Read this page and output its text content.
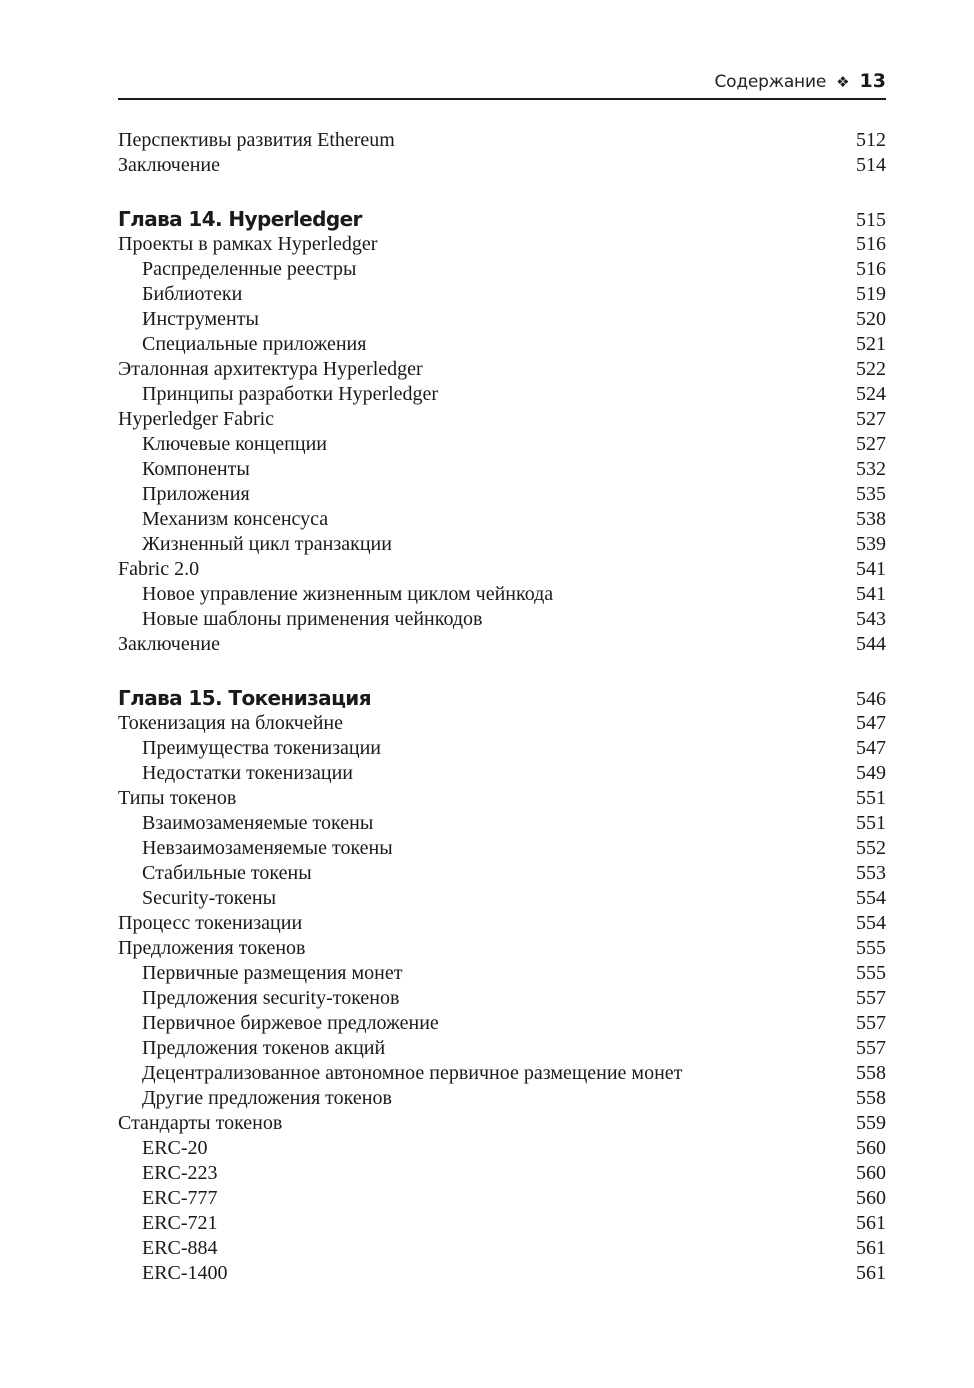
Содержание ❖ 13
Перспективы развития Ethereum	512
Заключение	514
Глава 14. Hyperledger	515
Проекты в рамках Hyperledger	516
Распределенные реестры	516
Библиотеки	519
Инструменты	520
Специальные приложения	521
Эталонная архитектура Hyperledger	522
Принципы разработки Hyperledger	524
Hyperledger Fabric	527
Ключевые концепции	527
Компоненты	532
Приложения	535
Механизм консенсуса	538
Жизненный цикл транзакции	539
Fabric 2.0	541
Новое управление жизненным циклом чейнкода	541
Новые шаблоны применения чейнкодов	543
Заключение	544
Глава 15. Токенизация	546
Токенизация на блокчейне	547
Преимущества токенизации	547
Недостатки токенизации	549
Типы токенов	551
Взаимозаменяемые токены	551
Невзаимозаменяемые токены	552
Стабильные токены	553
Security-токены	554
Процесс токенизации	554
Предложения токенов	555
Первичные размещения монет	555
Предложения security-токенов	557
Первичное биржевое предложение	557
Предложения токенов акций	557
Децентрализованное автономное первичное размещение монет	558
Другие предложения токенов	558
Стандарты токенов	559
ERC-20	560
ERC-223	560
ERC-777	560
ERC-721	561
ERC-884	561
ERC-1400	561
